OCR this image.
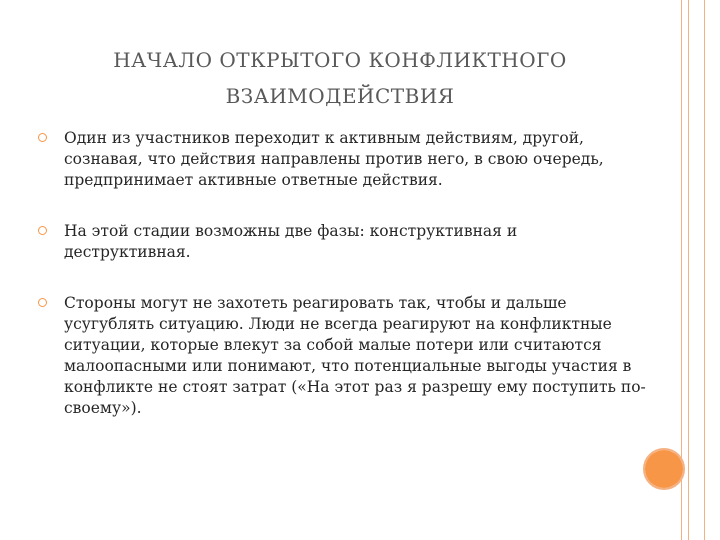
НАЧАЛО ОТКРЫТОГО КОНФЛИКТНОГО
ВЗАИМОДЕЙСТВИЯ
Один из участников переходит к активным действиям, другой, сознавая, что действия направлены против него, в свою очередь, предпринимает активные ответные действия.
На этой стадии возможны две фазы: конструктивная и деструктивная.
Стороны могут не захотеть реагировать так, чтобы и дальше усугублять ситуацию. Люди не всегда реагируют на конфликтные ситуации, которые влекут за собой малые потери или считаются малоопасными или понимают, что потенциальные выгоды участия в конфликте не стоят затрат («На этот раз я разрешу ему поступить по-своему»).
